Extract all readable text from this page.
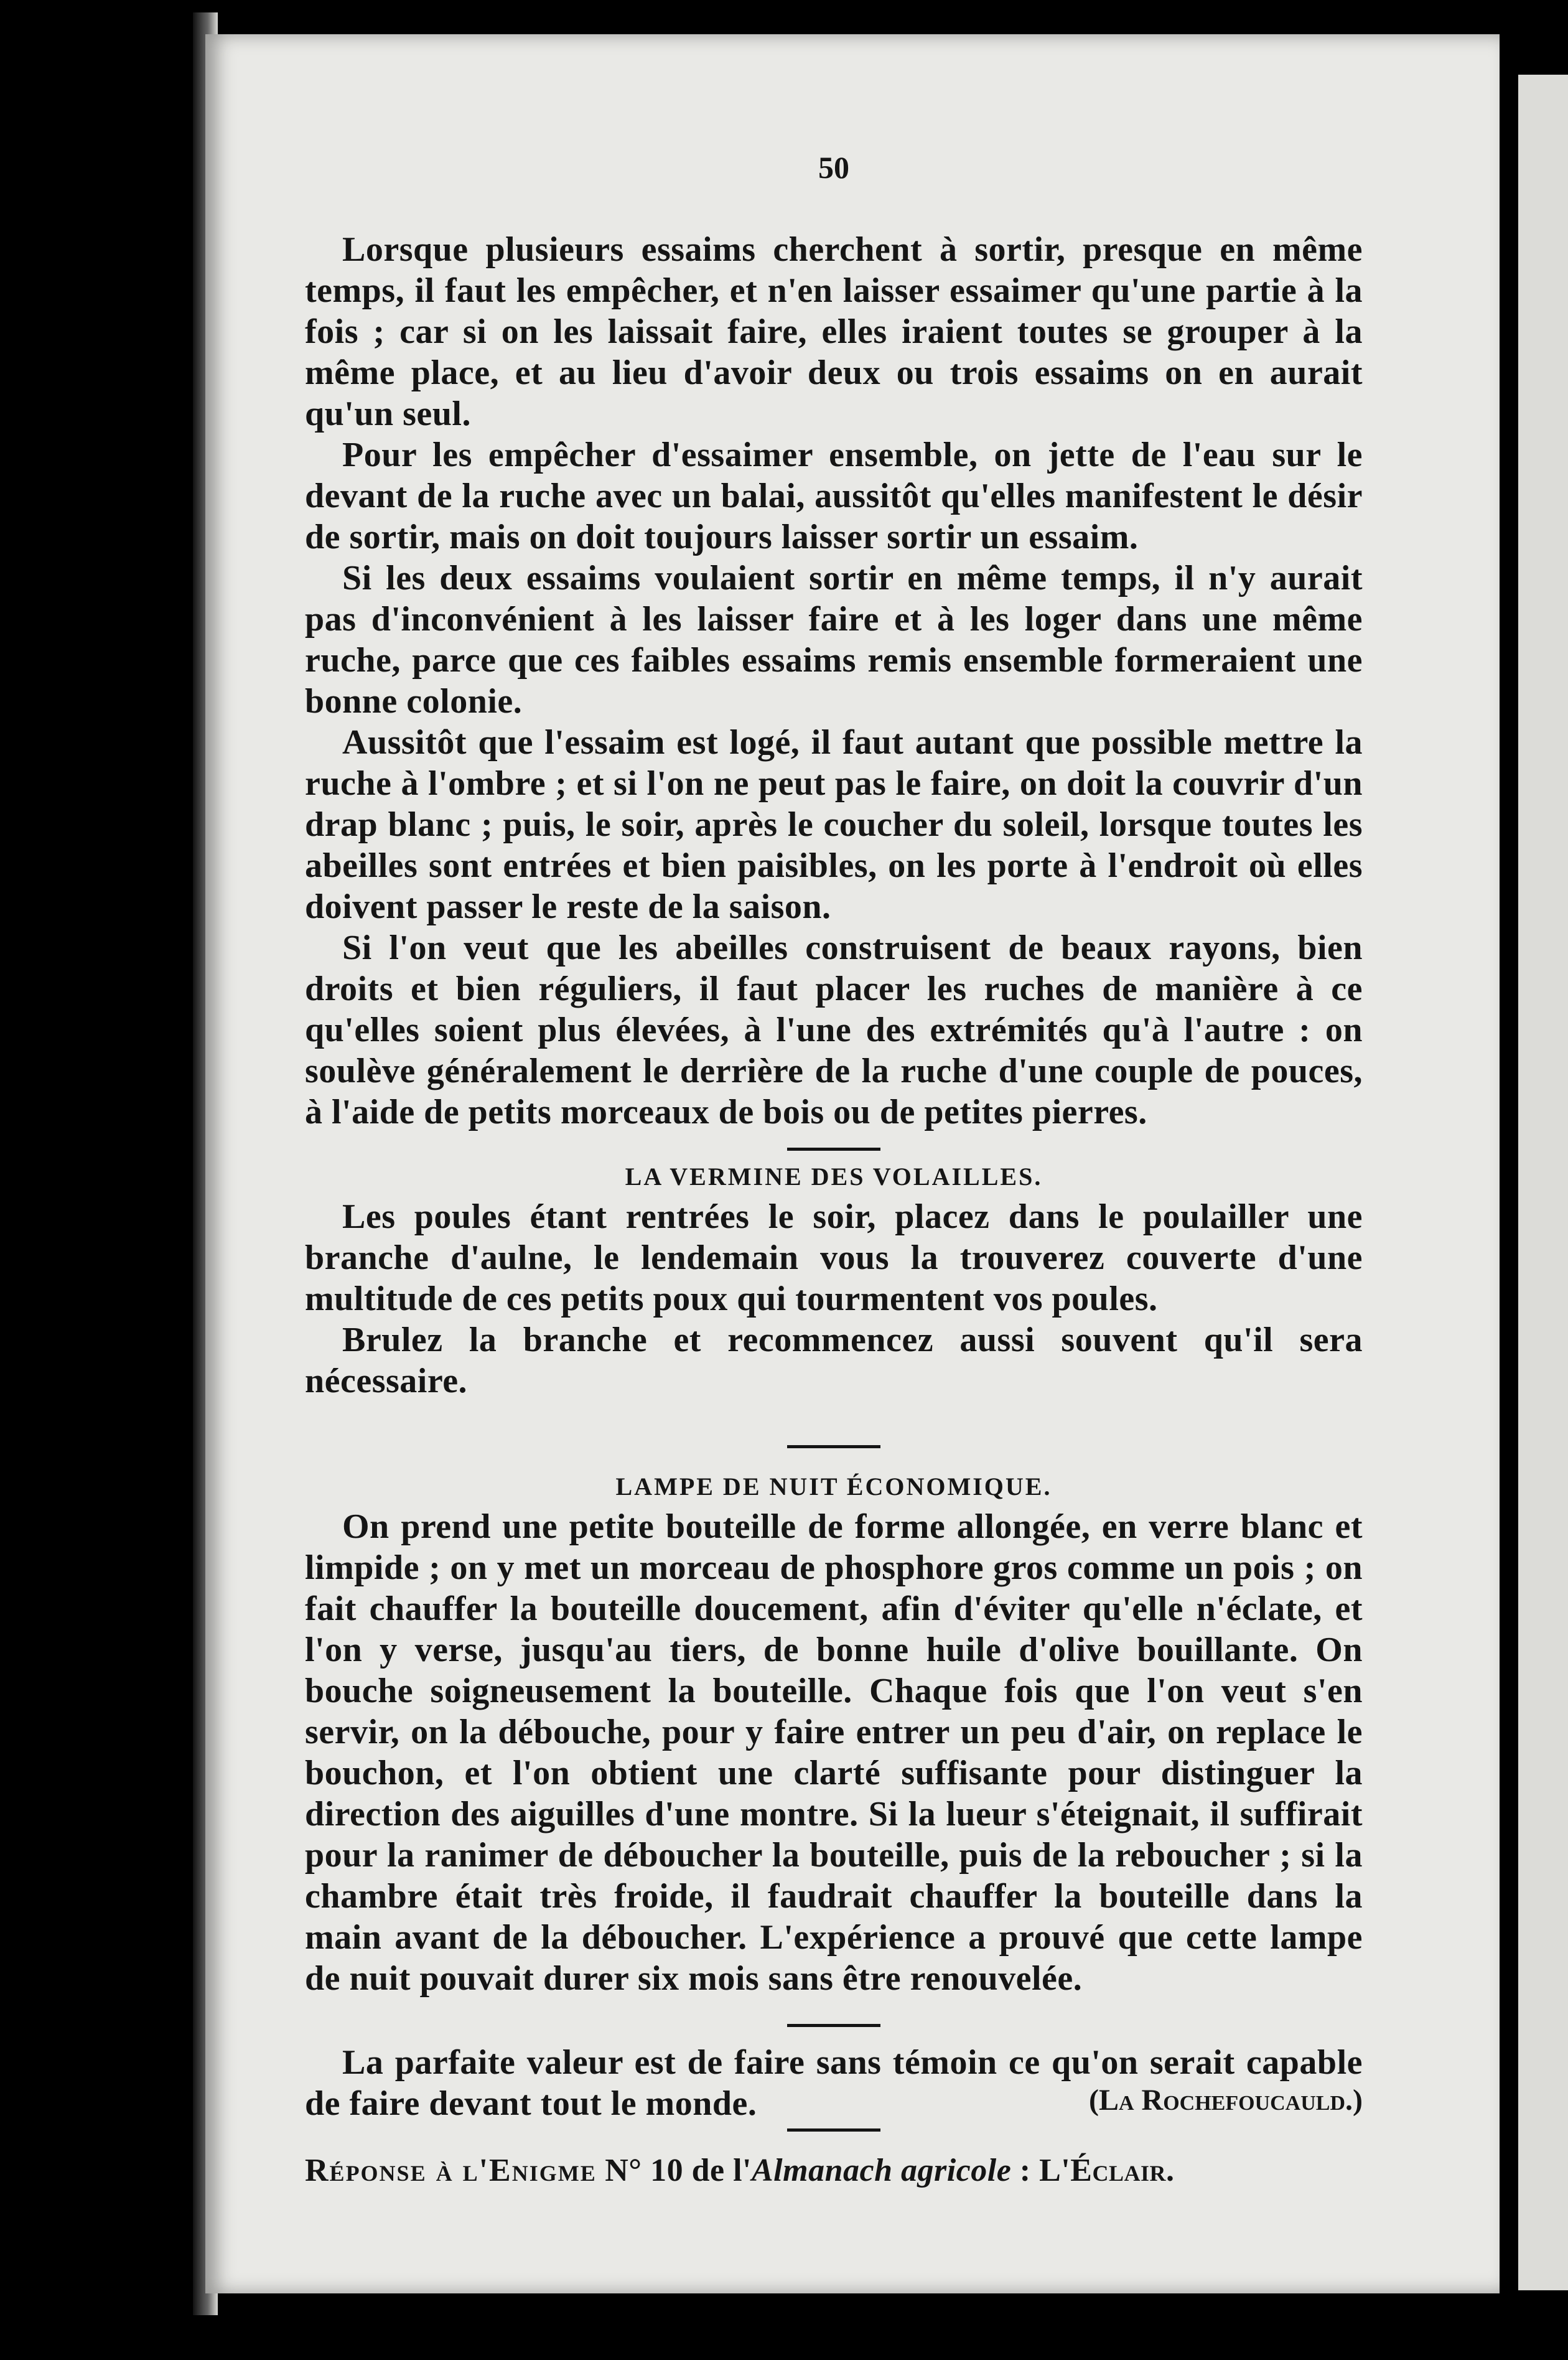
50

Lorsque plusieurs essaims cherchent à sortir, presque en même temps, il faut les empêcher, et n'en laisser essaimer qu'une partie à la fois ; car si on les laissait faire, elles iraient toutes se grouper à la même place, et au lieu d'avoir deux ou trois essaims on en aurait qu'un seul.

Pour les empêcher d'essaimer ensemble, on jette de l'eau sur le devant de la ruche avec un balai, aussitôt qu'elles manifestent le désir de sortir, mais on doit toujours laisser sortir un essaim.

Si les deux essaims voulaient sortir en même temps, il n'y aurait pas d'inconvénient à les laisser faire et à les loger dans une même ruche, parce que ces faibles essaims remis ensemble formeraient une bonne colonie.

Aussitôt que l'essaim est logé, il faut autant que possible mettre la ruche à l'ombre ; et si l'on ne peut pas le faire, on doit la couvrir d'un drap blanc ; puis, le soir, après le coucher du soleil, lorsque toutes les abeilles sont entrées et bien paisibles, on les porte à l'endroit où elles doivent passer le reste de la saison.

Si l'on veut que les abeilles construisent de beaux rayons, bien droits et bien réguliers, il faut placer les ruches de manière à ce qu'elles soient plus élevées, à l'une des extrémités qu'à l'autre : on soulève généralement le derrière de la ruche d'une couple de pouces, à l'aide de petits morceaux de bois ou de petites pierres.

LA VERMINE DES VOLAILLES.

Les poules étant rentrées le soir, placez dans le poulailler une branche d'aulne, le lendemain vous la trouverez couverte d'une multitude de ces petits poux qui tourmentent vos poules.

Brulez la branche et recommencez aussi souvent qu'il sera nécessaire.

LAMPE DE NUIT ÉCONOMIQUE.

On prend une petite bouteille de forme allongée, en verre blanc et limpide ; on y met un morceau de phosphore gros comme un pois ; on fait chauffer la bouteille doucement, afin d'éviter qu'elle n'éclate, et l'on y verse, jusqu'au tiers, de bonne huile d'olive bouillante. On bouche soigneusement la bouteille. Chaque fois que l'on veut s'en servir, on la débouche, pour y faire entrer un peu d'air, on replace le bouchon, et l'on obtient une clarté suffisante pour distinguer la direction des aiguilles d'une montre. Si la lueur s'éteignait, il suffirait pour la ranimer de déboucher la bouteille, puis de la reboucher ; si la chambre était très froide, il faudrait chauffer la bouteille dans la main avant de la déboucher. L'expérience a prouvé que cette lampe de nuit pouvait durer six mois sans être renouvelée.

La parfaite valeur est de faire sans témoin ce qu'on serait capable de faire devant tout le monde.	(La Rochefoucauld.)

Réponse à l'Enigme N° 10 de l'Almanach agricole : L'Éclair.
